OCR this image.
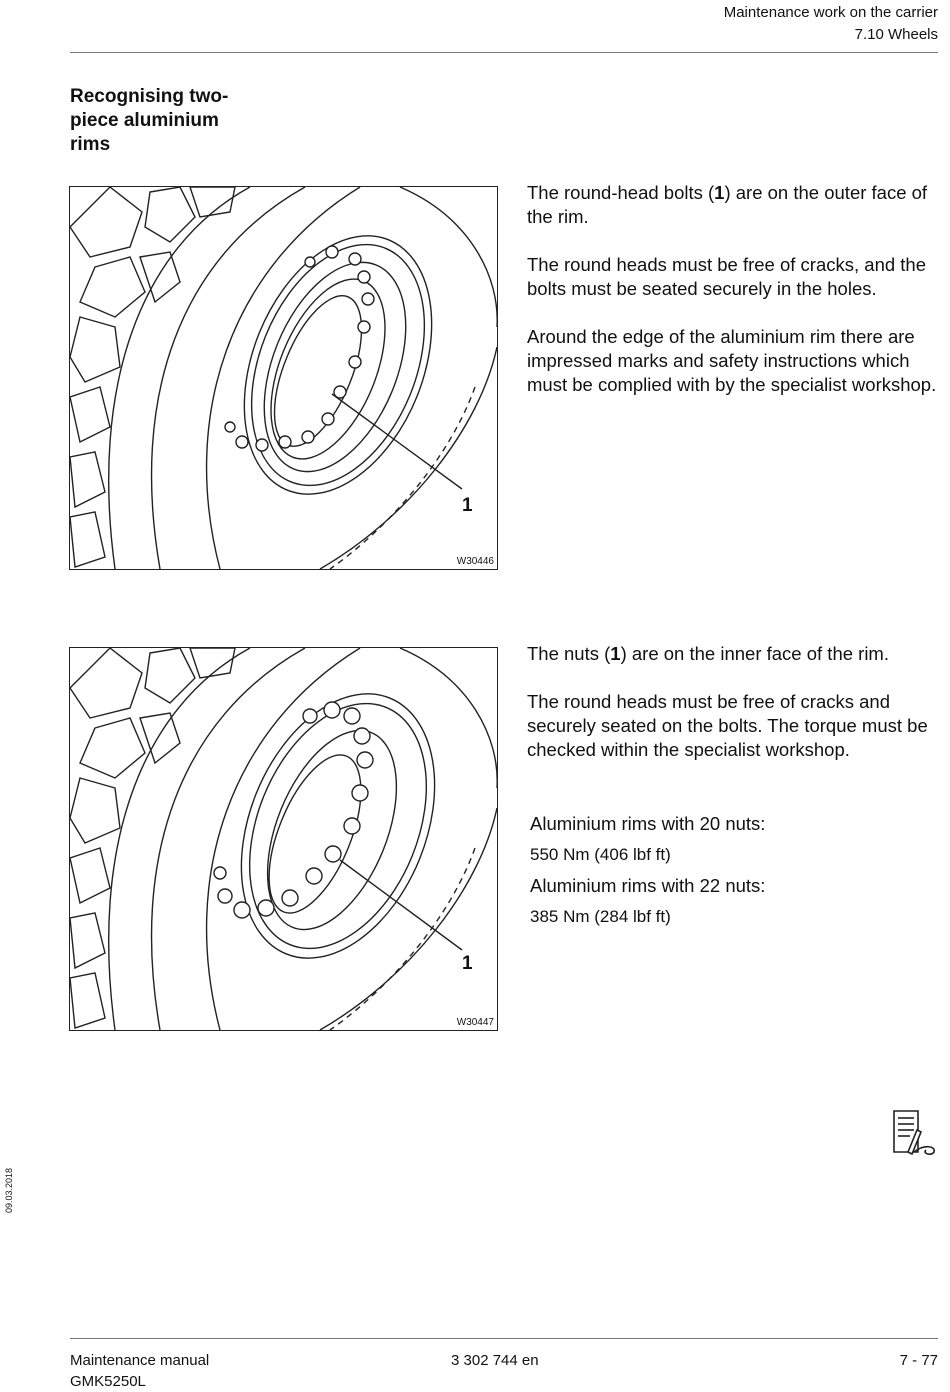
Maintenance work on the carrier
7.10 Wheels
Recognising two-piece aluminium rims
1
W30446

The round-head bolts (1) are on the outer face of the rim.

The round heads must be free of cracks, and the bolts must be seated securely in the holes.

Around the edge of the aluminium rim there are impressed marks and safety instructions which must be complied with by the specialist workshop.

1
W30447

The nuts (1) are on the inner face of the rim.

The round heads must be free of cracks and securely seated on the bolts. The torque must be checked within the specialist workshop.

Aluminium rims with 20 nuts:
550 Nm (406 lbf ft)
Aluminium rims with 22 nuts:
385 Nm (284 lbf ft)
09.03.2018
Maintenance manual
GMK5250L
3 302 744 en	7 - 77
